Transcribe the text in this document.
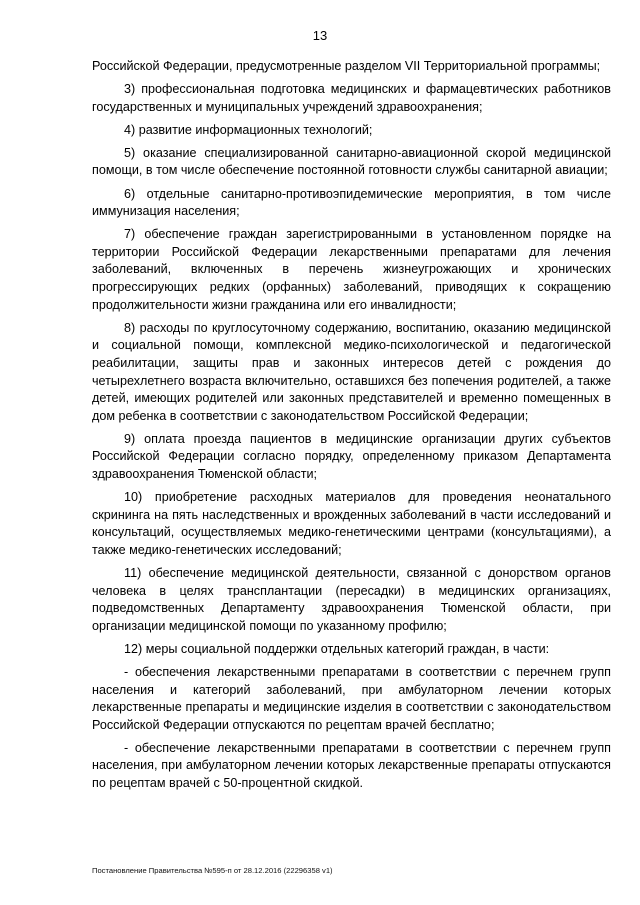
13

Российской Федерации, предусмотренные разделом VII Территориальной программы;

3) профессиональная подготовка медицинских и фармацевтических работников государственных и муниципальных учреждений здравоохранения;

4) развитие информационных технологий;

5) оказание специализированной санитарно-авиационной скорой медицинской помощи, в том числе обеспечение постоянной готовности службы санитарной авиации;

6) отдельные санитарно-противоэпидемические мероприятия, в том числе иммунизация населения;

7) обеспечение граждан зарегистрированными в установленном порядке на территории Российской Федерации лекарственными препаратами для лечения заболеваний, включенных в перечень жизнеугрожающих и хронических прогрессирующих редких (орфанных) заболеваний, приводящих к сокращению продолжительности жизни гражданина или его инвалидности;

8) расходы по круглосуточному содержанию, воспитанию, оказанию медицинской и социальной помощи, комплексной медико-психологической и педагогической реабилитации, защиты прав и законных интересов детей с рождения до четырехлетнего возраста включительно, оставшихся без попечения родителей, а также детей, имеющих родителей или законных представителей и временно помещенных в дом ребенка в соответствии с законодательством Российской Федерации;

9) оплата проезда пациентов в медицинские организации других субъектов Российской Федерации согласно порядку, определенному приказом Департамента здравоохранения Тюменской области;

10) приобретение расходных материалов для проведения неонатального скрининга на пять наследственных и врожденных заболеваний в части исследований и консультаций, осуществляемых медико-генетическими центрами (консультациями), а также медико-генетических исследований;

11) обеспечение медицинской деятельности, связанной с донорством органов человека в целях трансплантации (пересадки) в медицинских организациях, подведомственных Департаменту здравоохранения Тюменской области, при организации медицинской помощи по указанному профилю;

12) меры социальной поддержки отдельных категорий граждан, в части:

- обеспечения лекарственными препаратами в соответствии с перечнем групп населения и категорий заболеваний, при амбулаторном лечении которых лекарственные препараты и медицинские изделия в соответствии с законодательством Российской Федерации отпускаются по рецептам врачей бесплатно;

- обеспечение лекарственными препаратами в соответствии с перечнем групп населения, при амбулаторном лечении которых лекарственные препараты отпускаются по рецептам врачей с 50-процентной скидкой.

Постановление Правительства №595-п от 28.12.2016 (22296358 v1)
